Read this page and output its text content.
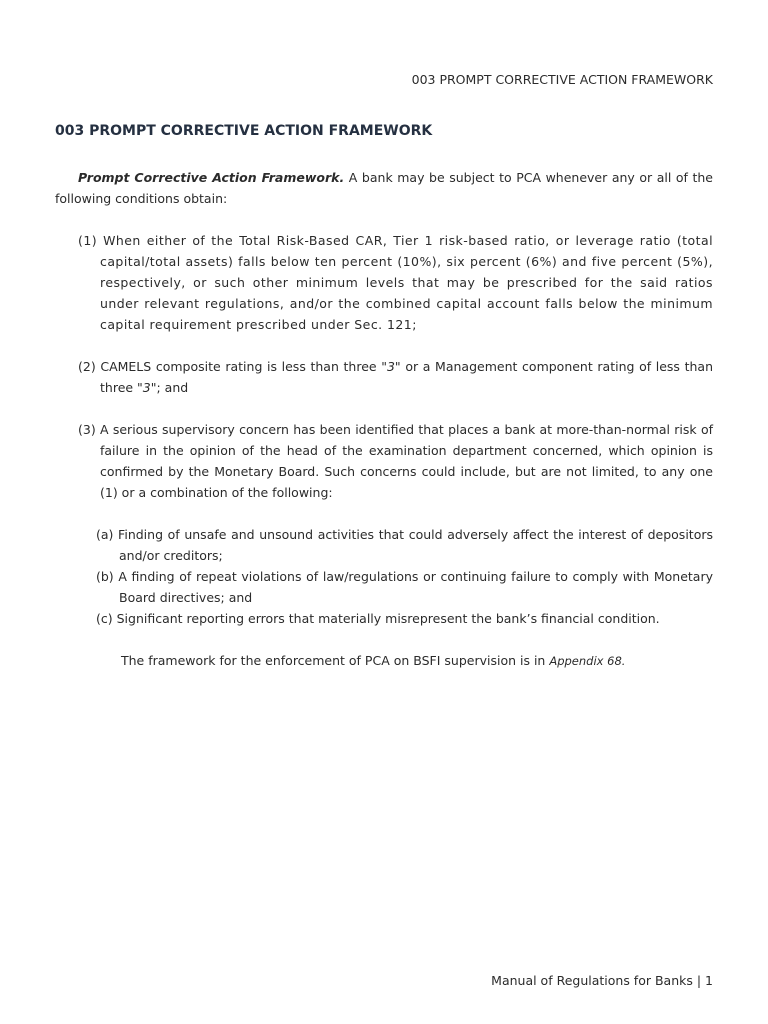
003 PROMPT CORRECTIVE ACTION FRAMEWORK
003 PROMPT CORRECTIVE ACTION FRAMEWORK

Prompt Corrective Action Framework. A bank may be subject to PCA whenever any or all of the following conditions obtain:

(1) When either of the Total Risk-Based CAR, Tier 1 risk-based ratio, or leverage ratio (total capital/total assets) falls below ten percent (10%), six percent (6%) and five percent (5%), respectively, or such other minimum levels that may be prescribed for the said ratios under relevant regulations, and/or the combined capital account falls below the minimum capital requirement prescribed under Sec. 121;

(2) CAMELS composite rating is less than three "3" or a Management component rating of less than three "3"; and

(3) A serious supervisory concern has been identified that places a bank at more-than-normal risk of failure in the opinion of the head of the examination department concerned, which opinion is confirmed by the Monetary Board. Such concerns could include, but are not limited, to any one (1) or a combination of the following:

(a) Finding of unsafe and unsound activities that could adversely affect the interest of depositors and/or creditors;

(b) A finding of repeat violations of law/regulations or continuing failure to comply with Monetary Board directives; and

(c) Significant reporting errors that materially misrepresent the bank’s financial condition.

The framework for the enforcement of PCA on BSFI supervision is in Appendix 68.

Manual of Regulations for Banks | 1
